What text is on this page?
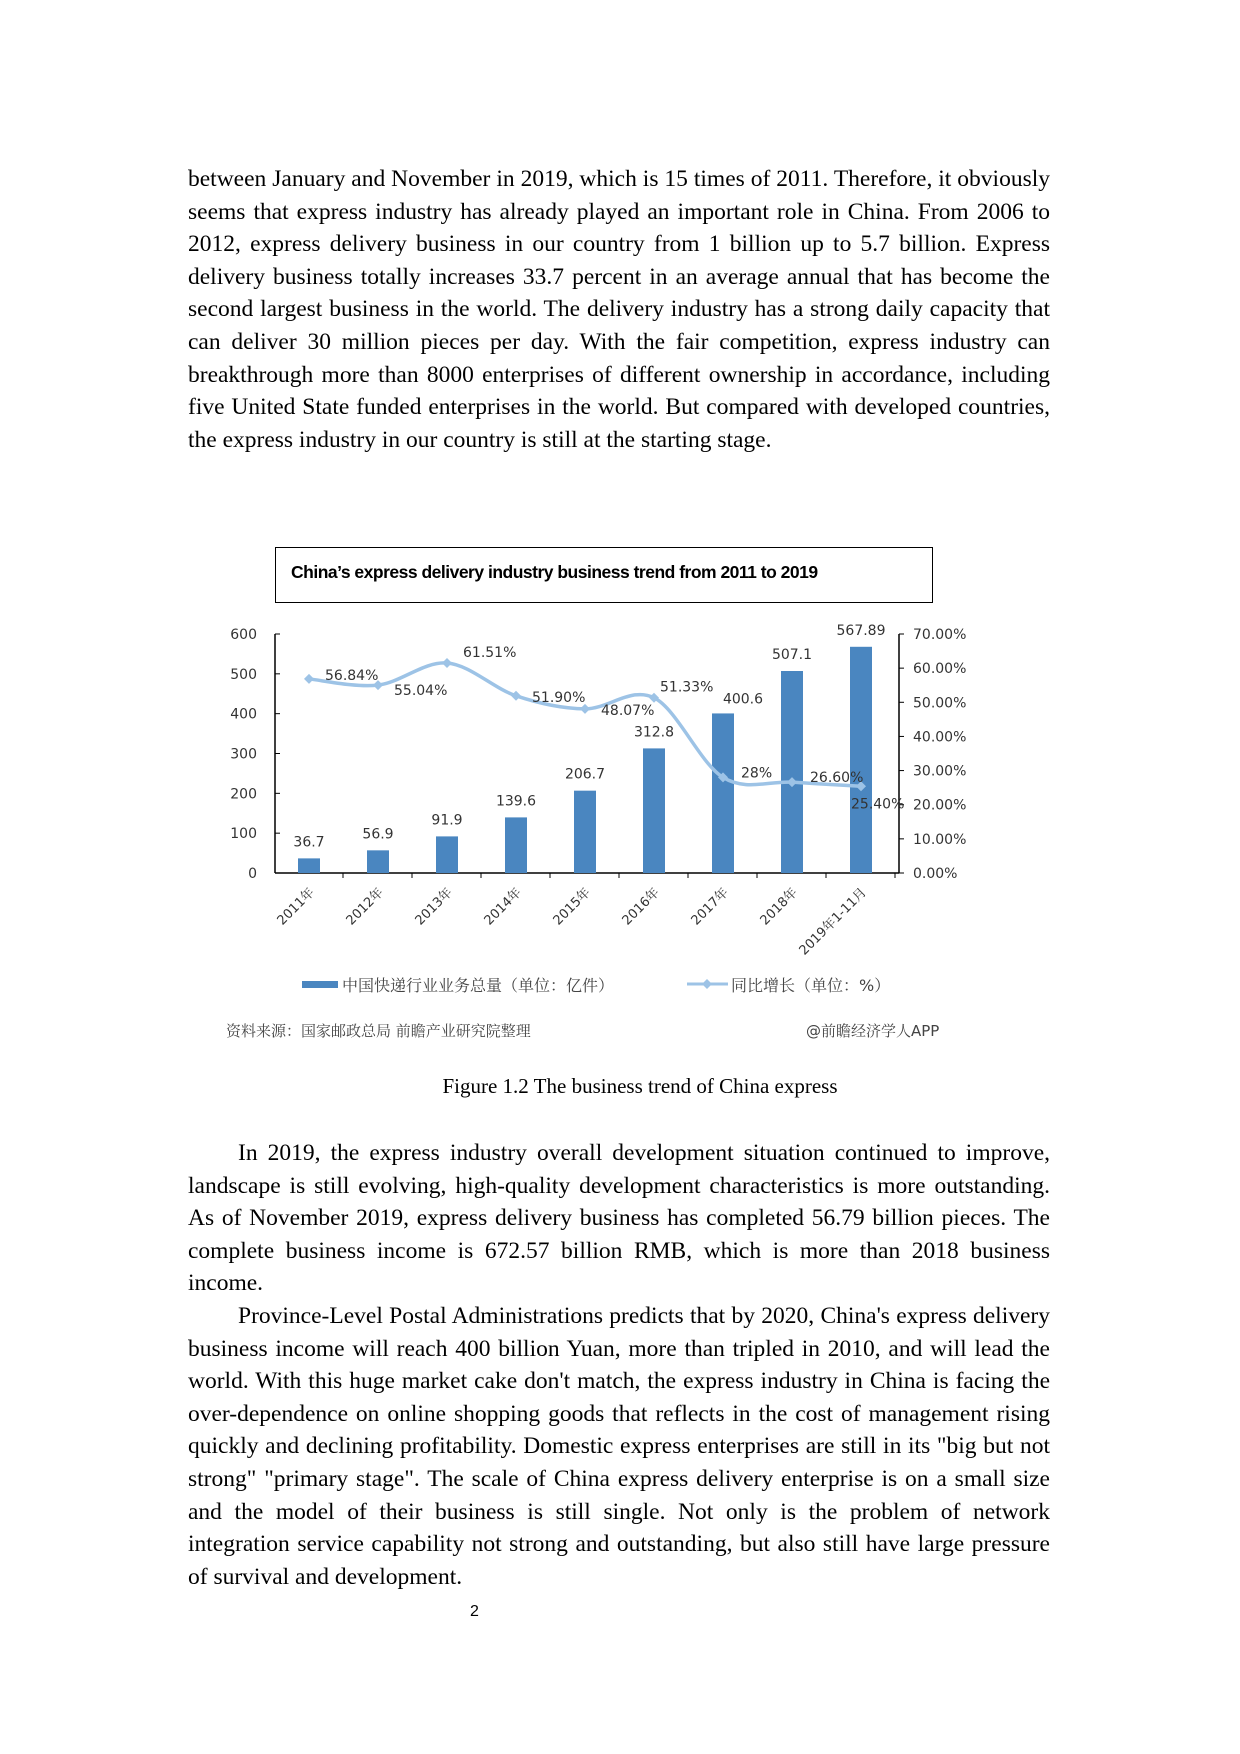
between January and November in 2019, which is 15 times of 2011. Therefore, it obviously seems that express industry has already played an important role in China. From 2006 to 2012, express delivery business in our country from 1 billion up to 5.7 billion. Express delivery business totally increases 33.7 percent in an average annual that has become the second largest business in the world. The delivery industry has a strong daily capacity that can deliver 30 million pieces per day. With the fair competition, express industry can breakthrough more than 8000 enterprises of different ownership in accordance, including five United State funded enterprises in the world. But compared with developed countries, the express industry in our country is still at the starting stage.

China’s express delivery industry business trend from 2011 to 2019
0
100
200
300
400
500
600
0.00%
10.00%
20.00%
30.00%
40.00%
50.00%
60.00%
70.00%
56.84%
55.04%
61.51%
51.90%
48.07%
51.33%
28%	26.60%
25.40%
36.7
56.9
91.9
139.6
206.7
312.8
400.6
507.1
567.89
2011年 2012年 2013年 2014年 2015年 2016年 2017年 2018年
2019年1-11月
中国快递行业业务总量（单位：亿件）	同比增长（单位：%）
资料来源：国家邮政总局 前瞻产业研究院整理	@前瞻经济学人APP
Figure 1.2 The business trend of China express

In 2019, the express industry overall development situation continued to improve, landscape is still evolving, high-quality development characteristics is more outstanding. As of November 2019, express delivery business has completed 56.79 billion pieces. The complete business income is 672.57 billion RMB, which is more than 2018 business income.

Province-Level Postal Administrations predicts that by 2020, China's express delivery business income will reach 400 billion Yuan, more than tripled in 2010, and will lead the world. With this huge market cake don't match, the express industry in China is facing the over-dependence on online shopping goods that reflects in the cost of management rising quickly and declining profitability. Domestic express enterprises are still in its "big but not strong" "primary stage". The scale of China express delivery enterprise is on a small size and the model of their business is still single. Not only is the problem of network integration service capability not strong and outstanding, but also still have large pressure of survival and development.

2
